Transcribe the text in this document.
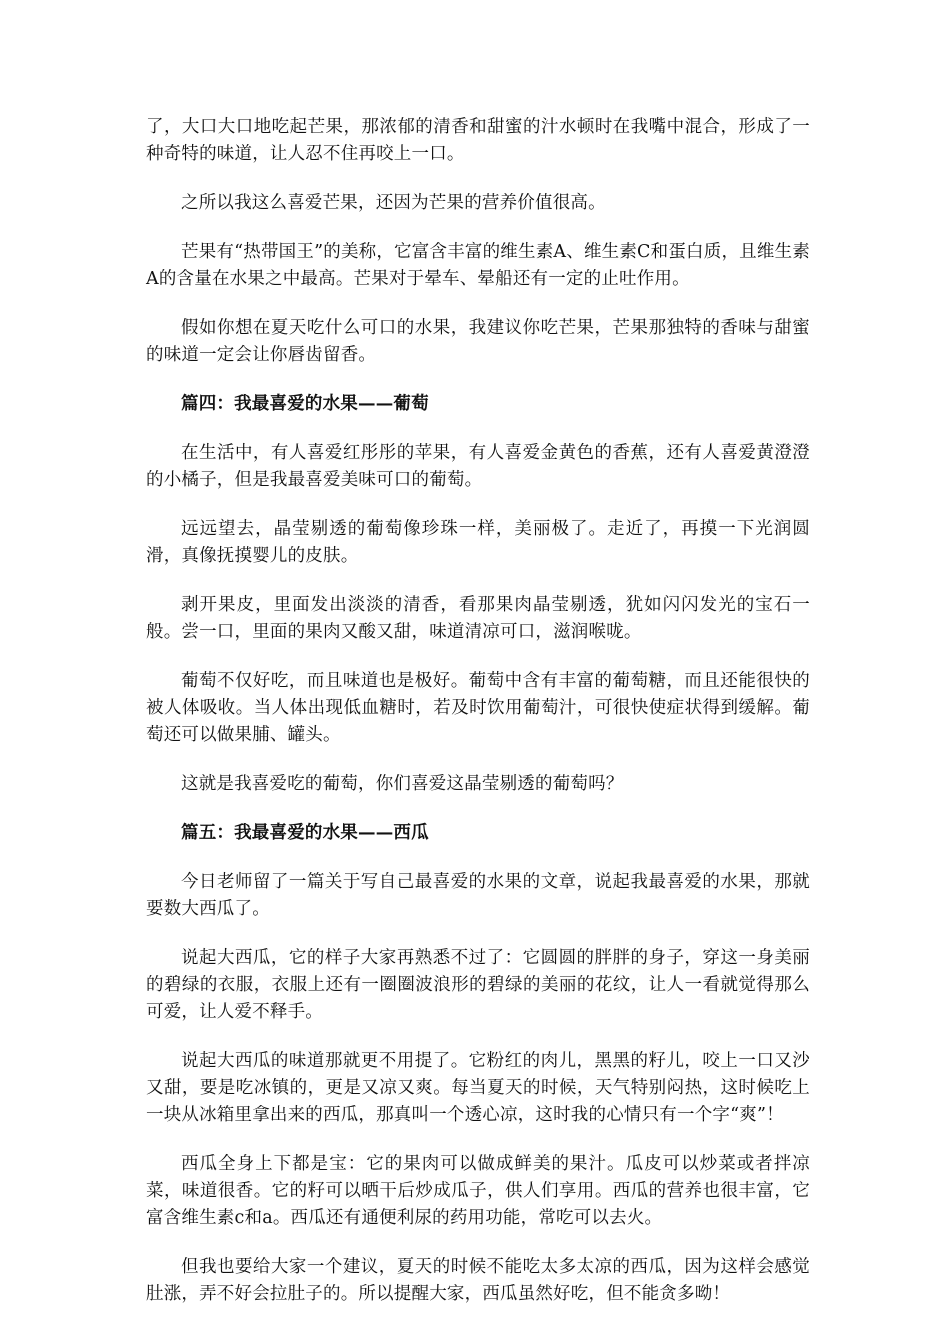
了，大口大口地吃起芒果，那浓郁的清香和甜蜜的汁水顿时在我嘴中混合，形成了一种奇特的味道，让人忍不住再咬上一口。

之所以我这么喜爱芒果，还因为芒果的营养价值很高。

芒果有“热带国王”的美称，它富含丰富的维生素A、维生素C和蛋白质，且维生素A的含量在水果之中最高。芒果对于晕车、晕船还有一定的止吐作用。

假如你想在夏天吃什么可口的水果，我建议你吃芒果，芒果那独特的香味与甜蜜的味道一定会让你唇齿留香。

篇四：我最喜爱的水果——葡萄

在生活中，有人喜爱红彤彤的苹果，有人喜爱金黄色的香蕉，还有人喜爱黄澄澄的小橘子，但是我最喜爱美味可口的葡萄。

远远望去，晶莹剔透的葡萄像珍珠一样，美丽极了。走近了，再摸一下光润圆滑，真像抚摸婴儿的皮肤。

剥开果皮，里面发出淡淡的清香，看那果肉晶莹剔透，犹如闪闪发光的宝石一般。尝一口，里面的果肉又酸又甜，味道清凉可口，滋润喉咙。

葡萄不仅好吃，而且味道也是极好。葡萄中含有丰富的葡萄糖，而且还能很快的被人体吸收。当人体出现低血糖时，若及时饮用葡萄汁，可很快使症状得到缓解。葡萄还可以做果脯、罐头。

这就是我喜爱吃的葡萄，你们喜爱这晶莹剔透的葡萄吗？

篇五：我最喜爱的水果——西瓜

今日老师留了一篇关于写自己最喜爱的水果的文章，说起我最喜爱的水果，那就要数大西瓜了。

说起大西瓜，它的样子大家再熟悉不过了：它圆圆的胖胖的身子，穿这一身美丽的碧绿的衣服，衣服上还有一圈圈波浪形的碧绿的美丽的花纹，让人一看就觉得那么可爱，让人爱不释手。

说起大西瓜的味道那就更不用提了。它粉红的肉儿，黑黑的籽儿，咬上一口又沙又甜，要是吃冰镇的，更是又凉又爽。每当夏天的时候，天气特别闷热，这时候吃上一块从冰箱里拿出来的西瓜，那真叫一个透心凉，这时我的心情只有一个字“爽”！

西瓜全身上下都是宝：它的果肉可以做成鲜美的果汁。瓜皮可以炒菜或者拌凉菜，味道很香。它的籽可以晒干后炒成瓜子，供人们享用。西瓜的营养也很丰富，它富含维生素c和a。西瓜还有通便利尿的药用功能，常吃可以去火。

但我也要给大家一个建议，夏天的时候不能吃太多太凉的西瓜，因为这样会感觉肚涨，弄不好会拉肚子的。所以提醒大家，西瓜虽然好吃，但不能贪多呦！
